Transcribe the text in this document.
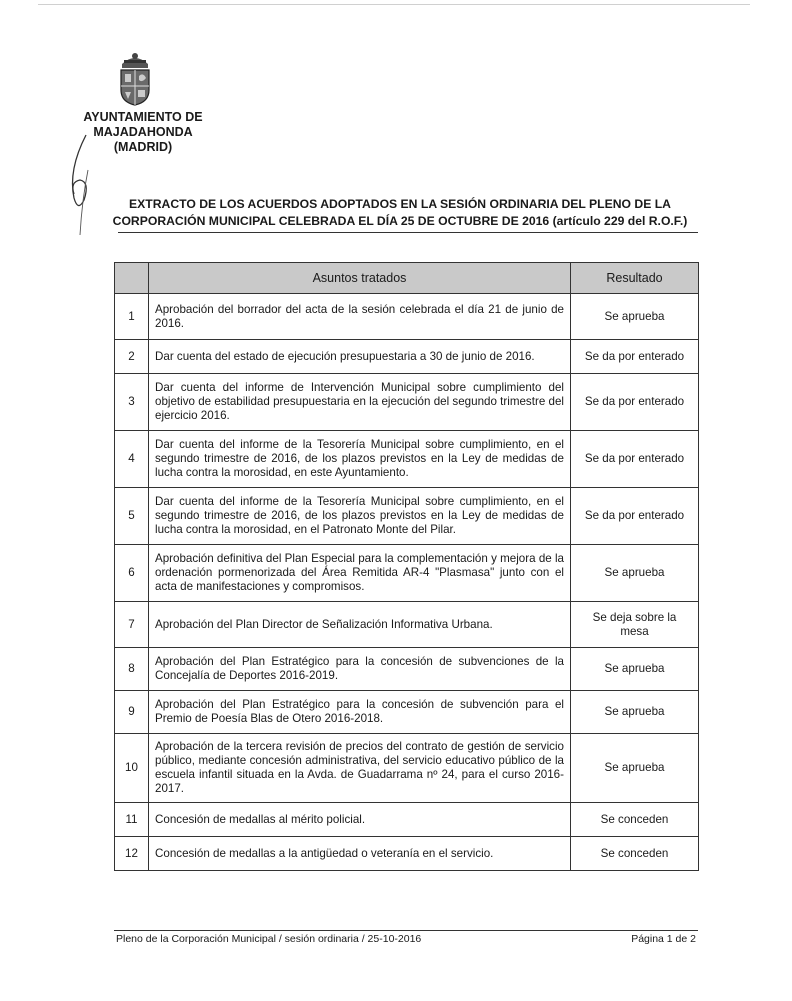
AYUNTAMIENTO DE
MAJADAHONDA
(MADRID)
EXTRACTO DE LOS ACUERDOS ADOPTADOS EN LA SESIÓN ORDINARIA DEL PLENO DE LA
CORPORACIÓN MUNICIPAL CELEBRADA EL DÍA 25 DE OCTUBRE DE 2016 (artículo 229 del R.O.F.)
	Asuntos tratados	Resultado
1	Aprobación del borrador del acta de la sesión celebrada el día 21 de junio de 2016.	Se aprueba
2	Dar cuenta del estado de ejecución presupuestaria a 30 de junio de 2016.	Se da por enterado
3	Dar cuenta del informe de Intervención Municipal sobre cumplimiento del objetivo de estabilidad presupuestaria en la ejecución del segundo trimestre del ejercicio 2016.	Se da por enterado
4	Dar cuenta del informe de la Tesorería Municipal sobre cumplimiento, en el segundo trimestre de 2016, de los plazos previstos en la Ley de medidas de lucha contra la morosidad, en este Ayuntamiento.	Se da por enterado
5	Dar cuenta del informe de la Tesorería Municipal sobre cumplimiento, en el segundo trimestre de 2016, de los plazos previstos en la Ley de medidas de lucha contra la morosidad, en el Patronato Monte del Pilar.	Se da por enterado
6	Aprobación definitiva del Plan Especial para la complementación y mejora de la ordenación pormenorizada del Área Remitida AR-4 "Plasmasa" junto con el acta de manifestaciones y compromisos.	Se aprueba
7	Aprobación del Plan Director de Señalización Informativa Urbana.	Se deja sobre la mesa
8	Aprobación del Plan Estratégico para la concesión de subvenciones de la Concejalía de Deportes 2016-2019.	Se aprueba
9	Aprobación del Plan Estratégico para la concesión de subvención para el Premio de Poesía Blas de Otero 2016-2018.	Se aprueba
10	Aprobación de la tercera revisión de precios del contrato de gestión de servicio público, mediante concesión administrativa, del servicio educativo público de la escuela infantil situada en la Avda. de Guadarrama nº 24, para el curso 2016-2017.	Se aprueba
11	Concesión de medallas al mérito policial.	Se conceden
12	Concesión de medallas a la antigüedad o veteranía en el servicio.	Se conceden
Pleno de la Corporación Municipal / sesión ordinaria / 25-10-2016	Página 1 de 2
